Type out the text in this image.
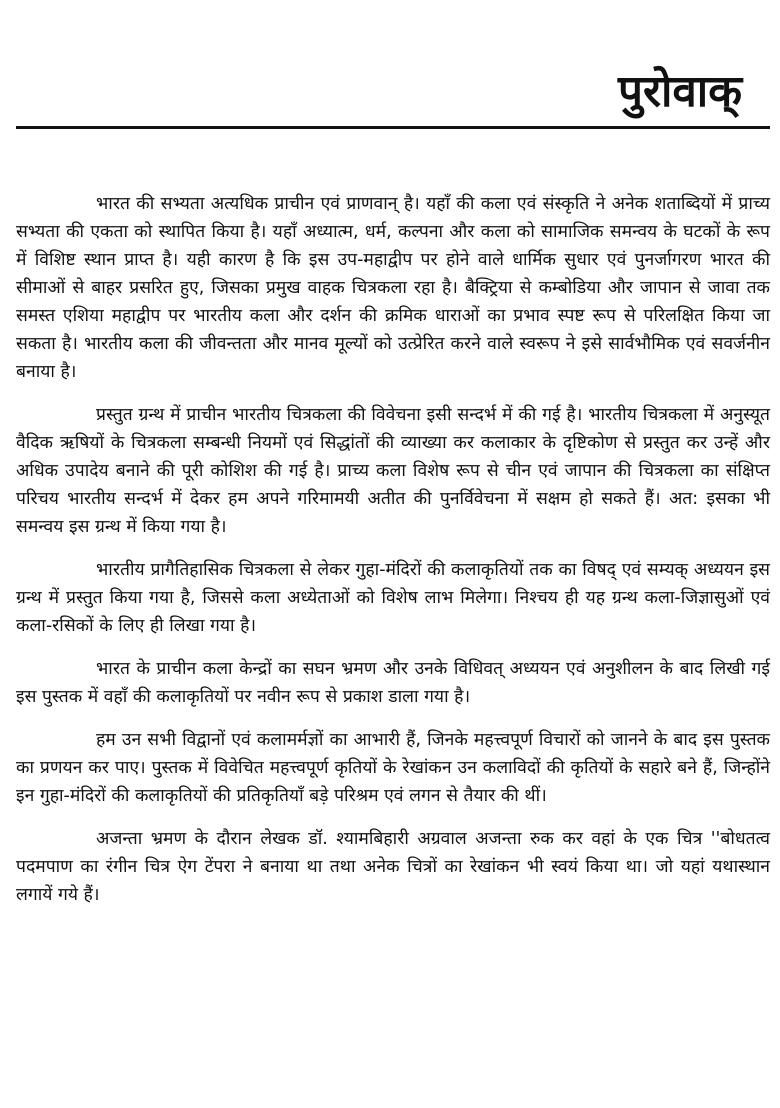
पुरोवाक्

भारत की सभ्यता अत्यधिक प्राचीन एवं प्राणवान् है। यहाँ की कला एवं संस्कृति ने अनेक शताब्दियों में प्राच्य सभ्यता की एकता को स्थापित किया है। यहाँ अध्यात्म, धर्म, कल्पना और कला को सामाजिक समन्वय के घटकों के रूप में विशिष्ट स्थान प्राप्त है। यही कारण है कि इस उप-महाद्वीप पर होने वाले धार्मिक सुधार एवं पुनर्जागरण भारत की सीमाओं से बाहर प्रसरित हुए, जिसका प्रमुख वाहक चित्रकला रहा है। बैक्ट्रिया से कम्बोडिया और जापान से जावा तक समस्त एशिया महाद्वीप पर भारतीय कला और दर्शन की क्रमिक धाराओं का प्रभाव स्पष्ट रूप से परिलक्षित किया जा सकता है। भारतीय कला की जीवन्तता और मानव मूल्यों को उत्प्रेरित करने वाले स्वरूप ने इसे सार्वभौमिक एवं सवर्जनीन बनाया है।

प्रस्तुत ग्रन्थ में प्राचीन भारतीय चित्रकला की विवेचना इसी सन्दर्भ में की गई है। भारतीय चित्रकला में अनुस्यूत वैदिक ऋषियों के चित्रकला सम्बन्धी नियमों एवं सिद्धांतों की व्याख्या कर कलाकार के दृष्टिकोण से प्रस्तुत कर उन्हें और अधिक उपादेय बनाने की पूरी कोशिश की गई है। प्राच्य कला विशेष रूप से चीन एवं जापान की चित्रकला का संक्षिप्त परिचय भारतीय सन्दर्भ में देकर हम अपने गरिमामयी अतीत की पुनर्विवेचना में सक्षम हो सकते हैं। अत: इसका भी समन्वय इस ग्रन्थ में किया गया है।

भारतीय प्रागैतिहासिक चित्रकला से लेकर गुहा-मंदिरों की कलाकृतियों तक का विषद् एवं सम्यक् अध्ययन इस ग्रन्थ में प्रस्तुत किया गया है, जिससे कला अध्येताओं को विशेष लाभ मिलेगा। निश्चय ही यह ग्रन्थ कला-जिज्ञासुओं एवं कला-रसिकों के लिए ही लिखा गया है।

भारत के प्राचीन कला केन्द्रों का सघन भ्रमण और उनके विधिवत् अध्ययन एवं अनुशीलन के बाद लिखी गई इस पुस्तक में वहाँ की कलाकृतियों पर नवीन रूप से प्रकाश डाला गया है।

हम उन सभी विद्वानों एवं कलामर्मज्ञों का आभारी हैं, जिनके महत्त्वपूर्ण विचारों को जानने के बाद इस पुस्तक का प्रणयन कर पाए। पुस्तक में विवेचित महत्त्वपूर्ण कृतियों के रेखांकन उन कलाविदों की कृतियों के सहारे बने हैं, जिन्होंने इन गुहा-मंदिरों की कलाकृतियों की प्रतिकृतियाँ बड़े परिश्रम एवं लगन से तैयार की थीं।

अजन्ता भ्रमण के दौरान लेखक डॉ. श्यामबिहारी अग्रवाल अजन्ता रुक कर वहां के एक चित्र ''बोधतत्व पदमपाण का रंगीन चित्र ऐग टेंपरा ने बनाया था तथा अनेक चित्रों का रेखांकन भी स्वयं किया था। जो यहां यथास्थान लगायें गये हैं।
